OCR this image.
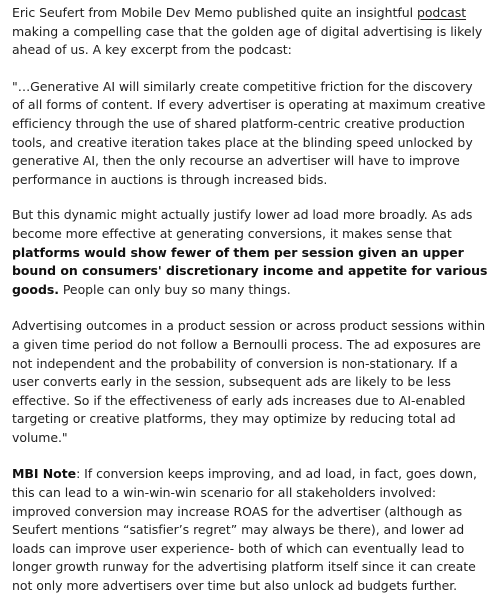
Eric Seufert from Mobile Dev Memo published quite an insightful podcast making a compelling case that the golden age of digital advertising is likely ahead of us. A key excerpt from the podcast:

"…Generative AI will similarly create competitive friction for the discovery of all forms of content. If every advertiser is operating at maximum creative efficiency through the use of shared platform-centric creative production tools, and creative iteration takes place at the blinding speed unlocked by generative AI, then the only recourse an advertiser will have to improve performance in auctions is through increased bids.

But this dynamic might actually justify lower ad load more broadly. As ads become more effective at generating conversions, it makes sense that platforms would show fewer of them per session given an upper bound on consumers' discretionary income and appetite for various goods. People can only buy so many things.

Advertising outcomes in a product session or across product sessions within a given time period do not follow a Bernoulli process. The ad exposures are not independent and the probability of conversion is non-stationary. If a user converts early in the session, subsequent ads are likely to be less effective. So if the effectiveness of early ads increases due to AI-enabled targeting or creative platforms, they may optimize by reducing total ad volume."

MBI Note: If conversion keeps improving, and ad load, in fact, goes down, this can lead to a win-win-win scenario for all stakeholders involved: improved conversion may increase ROAS for the advertiser (although as Seufert mentions “satisfier’s regret” may always be there), and lower ad loads can improve user experience- both of which can eventually lead to longer growth runway for the advertising platform itself since it can create not only more advertisers over time but also unlock ad budgets further.
